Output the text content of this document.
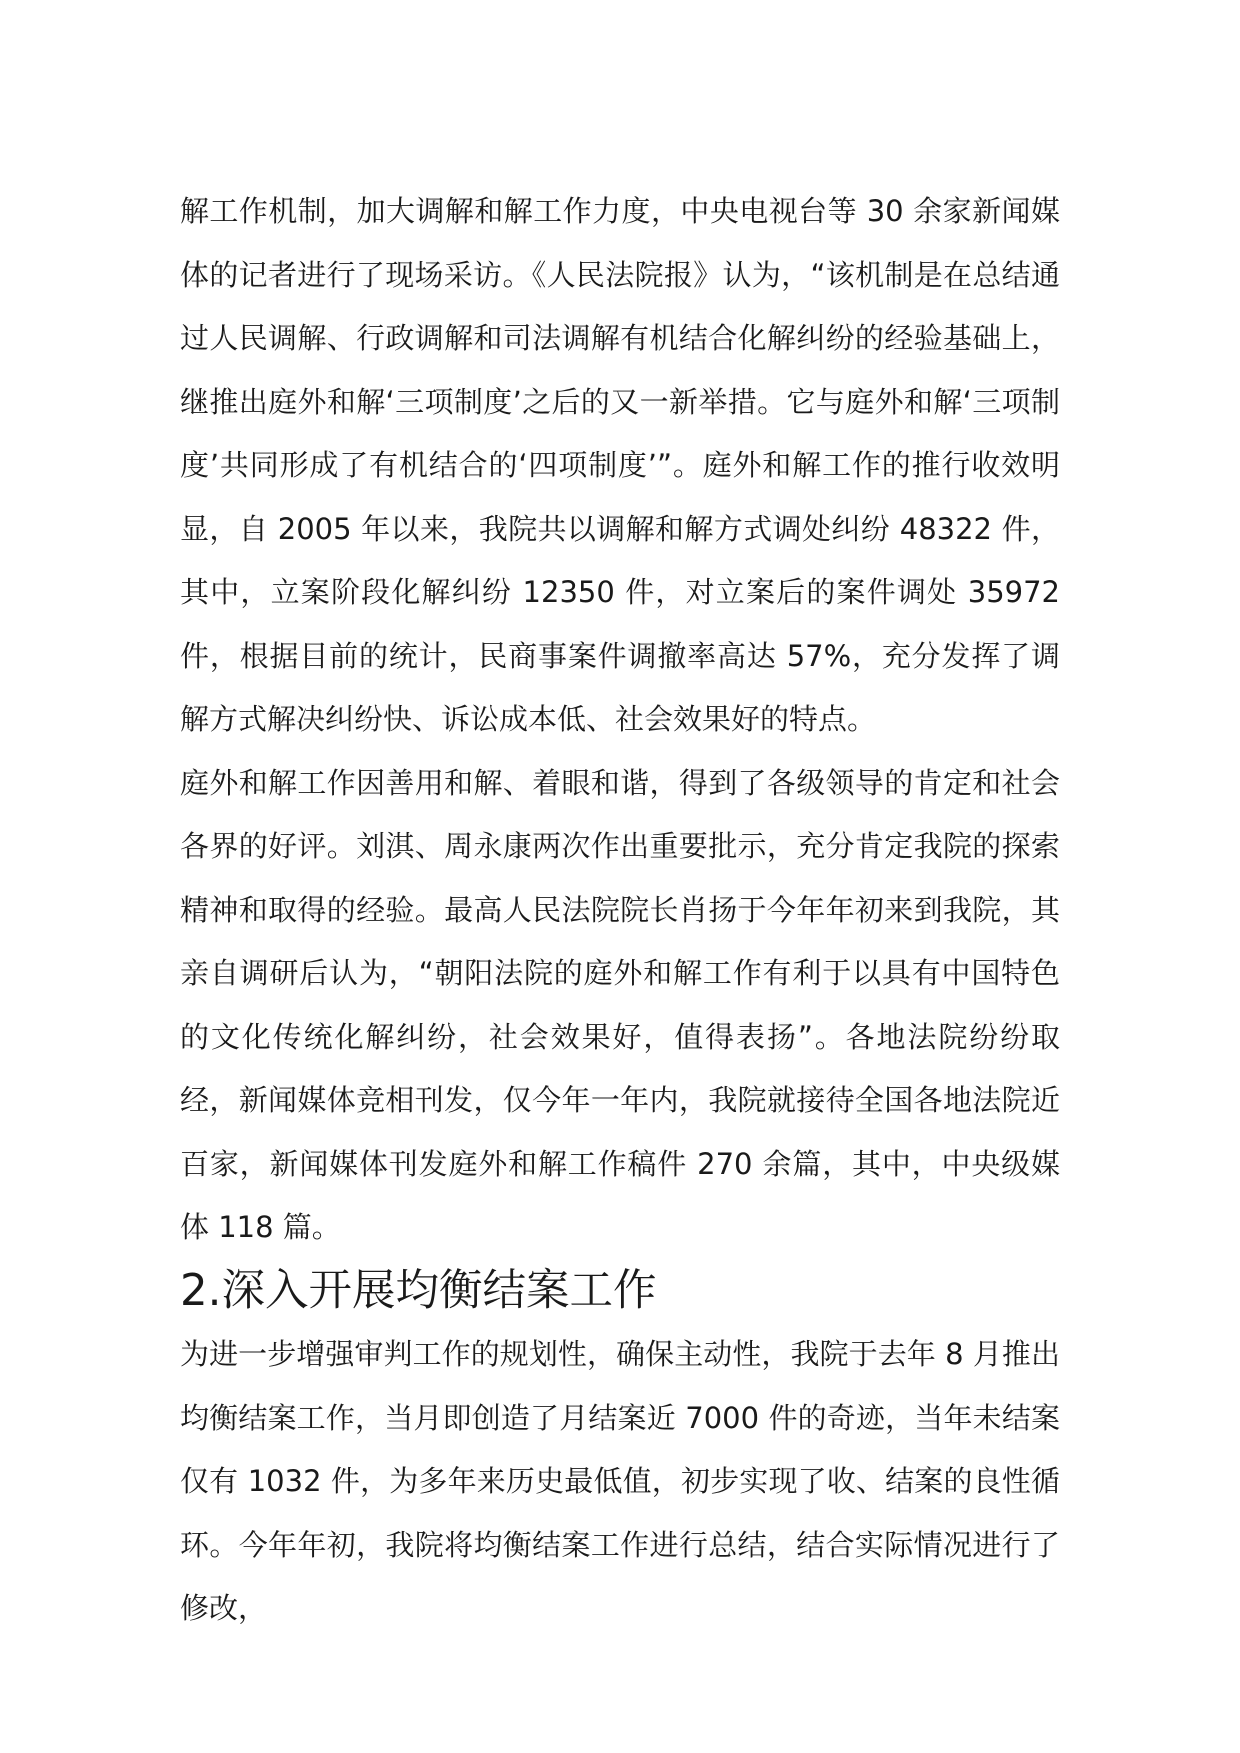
解工作机制，加大调解和解工作力度，中央电视台等 30 余家新闻媒体的记者进行了现场采访。《人民法院报》认为，“该机制是在总结通过人民调解、行政调解和司法调解有机结合化解纠纷的经验基础上，继推出庭外和解‘三项制度’之后的又一新举措。它与庭外和解‘三项制度’共同形成了有机结合的‘四项制度’”。庭外和解工作的推行收效明显，自 2005 年以来，我院共以调解和解方式调处纠纷 48322 件，其中，立案阶段化解纠纷 12350 件，对立案后的案件调处 35972 件，根据目前的统计，民商事案件调撤率高达 57%，充分发挥了调解方式解决纠纷快、诉讼成本低、社会效果好的特点。

庭外和解工作因善用和解、着眼和谐，得到了各级领导的肯定和社会各界的好评。刘淇、周永康两次作出重要批示，充分肯定我院的探索精神和取得的经验。最高人民法院院长肖扬于今年年初来到我院，其亲自调研后认为，“朝阳法院的庭外和解工作有利于以具有中国特色的文化传统化解纠纷，社会效果好，值得表扬”。各地法院纷纷取经，新闻媒体竞相刊发，仅今年一年内，我院就接待全国各地法院近百家，新闻媒体刊发庭外和解工作稿件 270 余篇，其中，中央级媒体 118 篇。

2.深入开展均衡结案工作

为进一步增强审判工作的规划性，确保主动性，我院于去年 8 月推出均衡结案工作，当月即创造了月结案近 7000 件的奇迹，当年未结案仅有 1032 件，为多年来历史最低值，初步实现了收、结案的良性循环。今年年初，我院将均衡结案工作进行总结，结合实际情况进行了修改，
